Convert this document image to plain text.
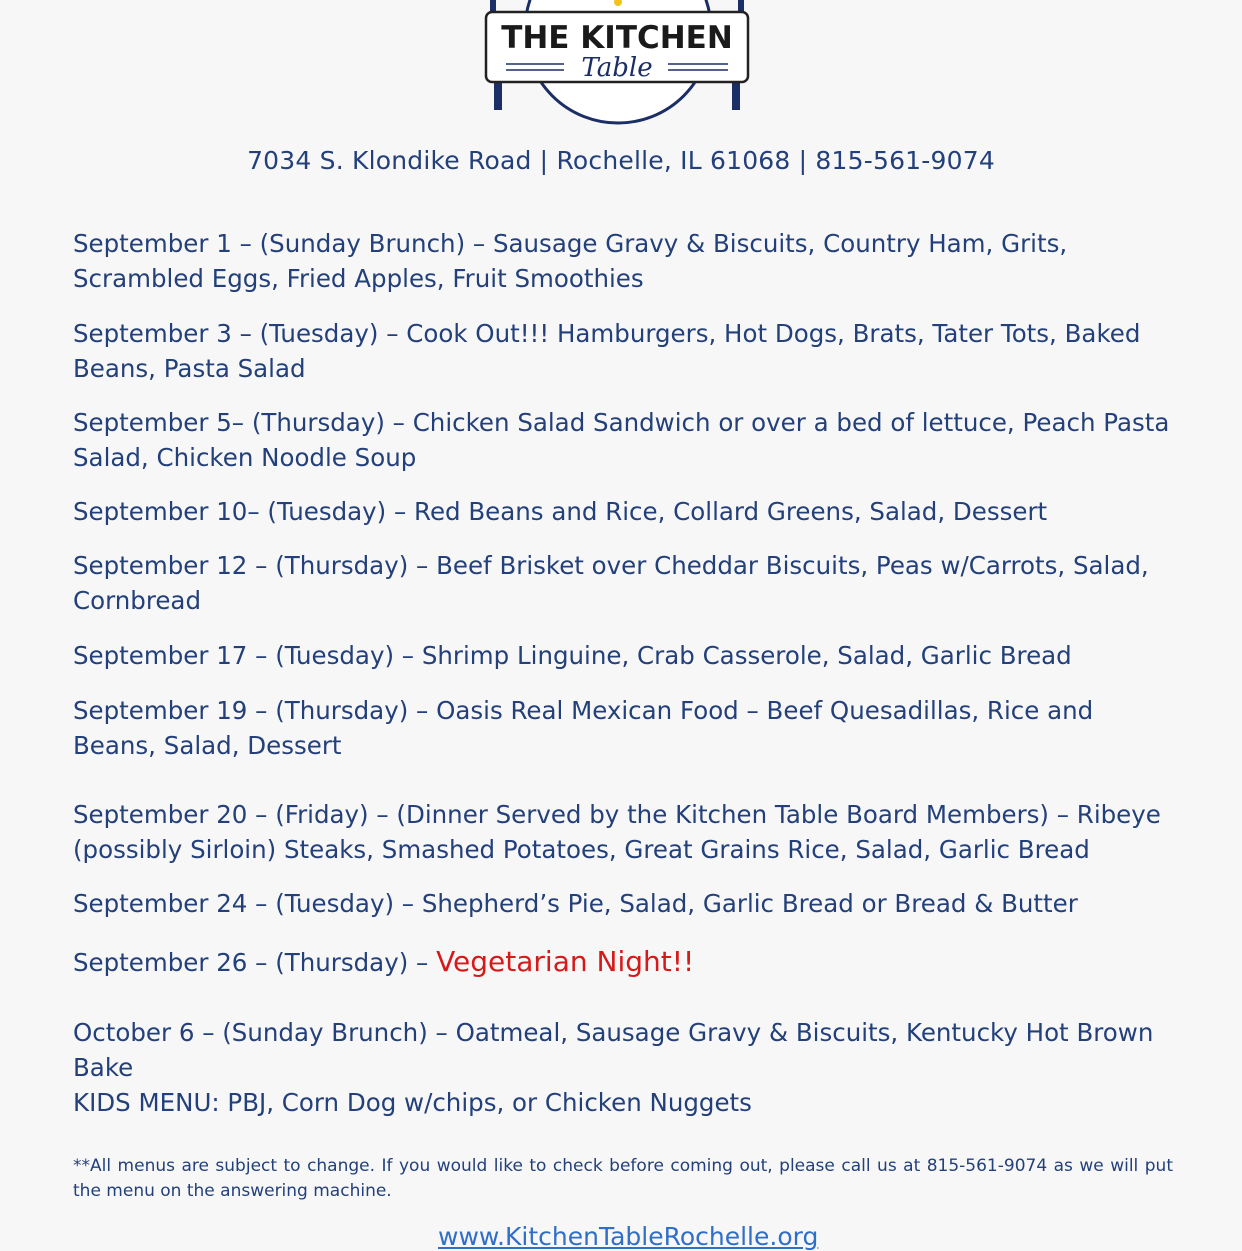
THE KITCHEN
Table
7034 S. Klondike Road | Rochelle, IL 61068 | 815-561-9074
September 1 – (Sunday Brunch) – Sausage Gravy & Biscuits, Country Ham, Grits, Scrambled Eggs, Fried Apples, Fruit Smoothies
September 3 – (Tuesday) – Cook Out!!! Hamburgers, Hot Dogs, Brats, Tater Tots, Baked Beans, Pasta Salad
September 5– (Thursday) – Chicken Salad Sandwich or over a bed of lettuce, Peach Pasta Salad, Chicken Noodle Soup
September 10– (Tuesday) – Red Beans and Rice, Collard Greens, Salad, Dessert
September 12 – (Thursday) – Beef Brisket over Cheddar Biscuits, Peas w/Carrots, Salad, Cornbread
September 17 – (Tuesday) – Shrimp Linguine, Crab Casserole, Salad, Garlic Bread
September 19 – (Thursday) – Oasis Real Mexican Food – Beef Quesadillas, Rice and Beans, Salad, Dessert
September 20 – (Friday) – (Dinner Served by the Kitchen Table Board Members) – Ribeye (possibly Sirloin) Steaks, Smashed Potatoes, Great Grains Rice, Salad, Garlic Bread
September 24 – (Tuesday) – Shepherd’s Pie, Salad, Garlic Bread or Bread & Butter
September 26 – (Thursday) – Vegetarian Night!!
October 6 – (Sunday Brunch) – Oatmeal, Sausage Gravy & Biscuits, Kentucky Hot Brown Bake
KIDS MENU: PBJ, Corn Dog w/chips, or Chicken Nuggets
**All menus are subject to change. If you would like to check before coming out, please call us at 815-561-9074 as we will put the menu on the answering machine.
www.KitchenTableRochelle.org
